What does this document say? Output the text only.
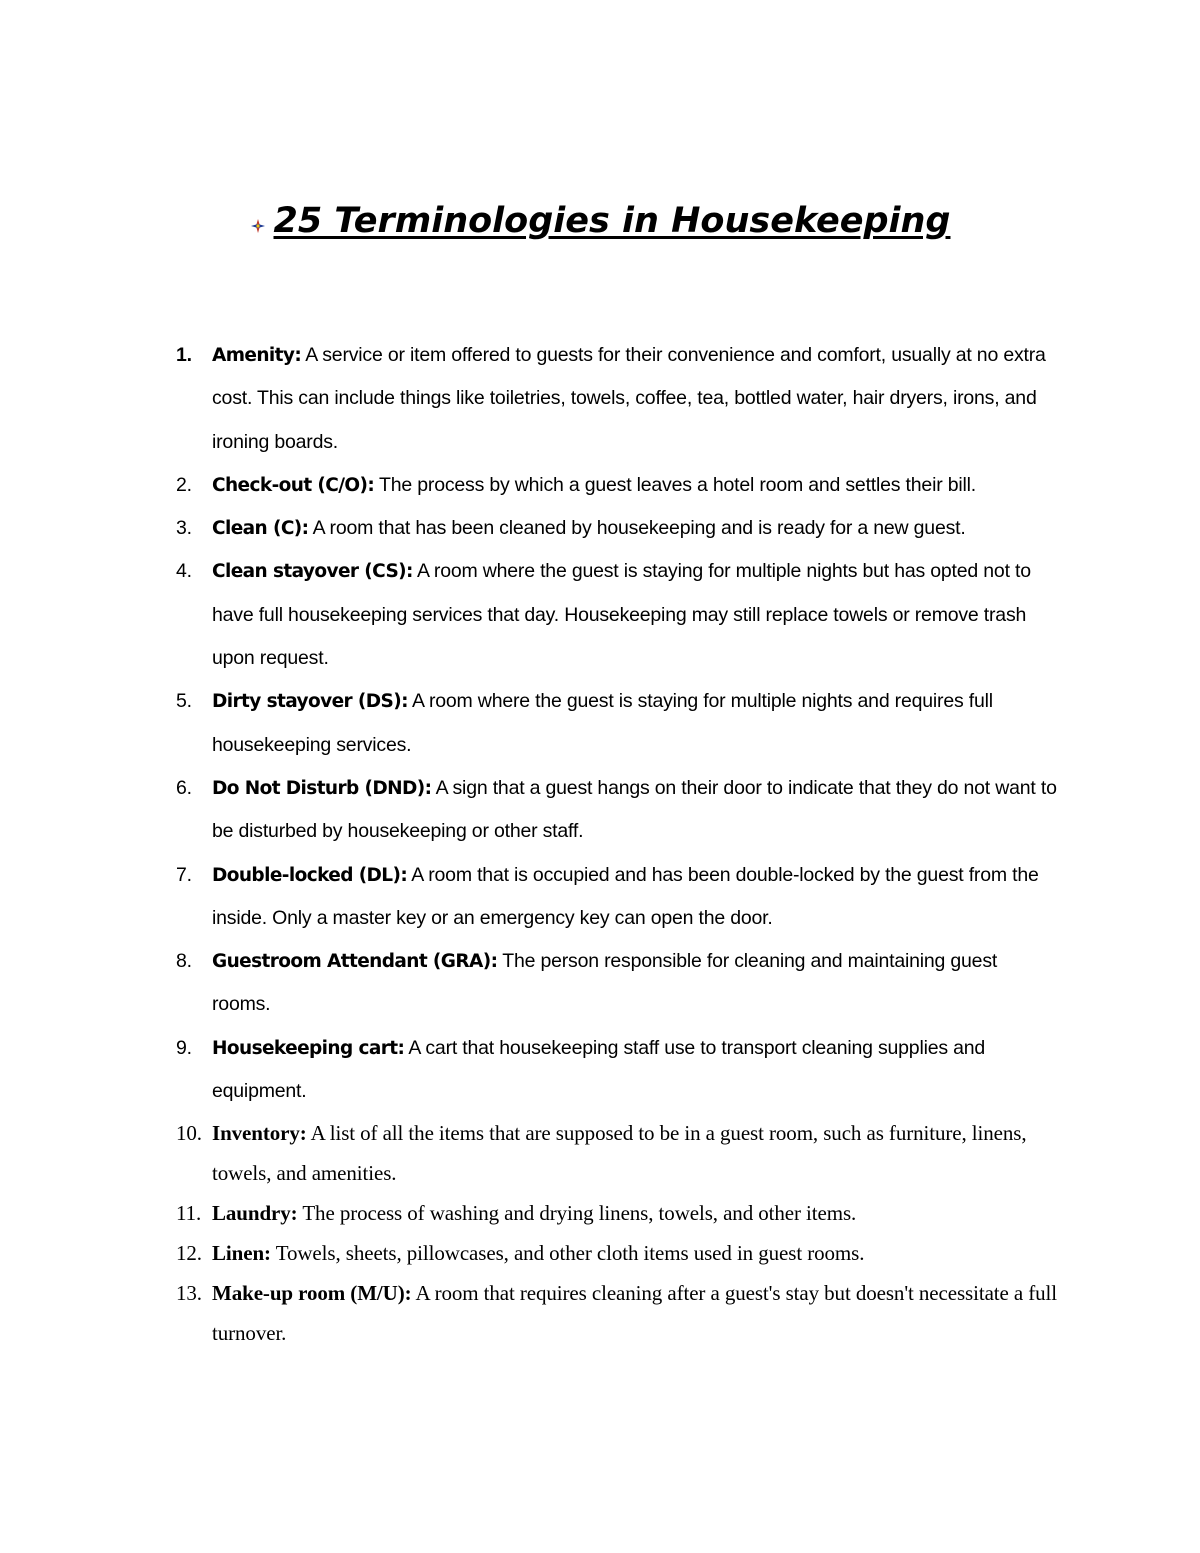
25 Terminologies in Housekeeping
1.	Amenity: A service or item offered to guests for their convenience and comfort, usually at no extra cost. This can include things like toiletries, towels, coffee, tea, bottled water, hair dryers, irons, and ironing boards.
2.	Check-out (C/O): The process by which a guest leaves a hotel room and settles their bill.
3.	Clean (C): A room that has been cleaned by housekeeping and is ready for a new guest.
4.	Clean stayover (CS): A room where the guest is staying for multiple nights but has opted not to have full housekeeping services that day. Housekeeping may still replace towels or remove trash upon request.
5.	Dirty stayover (DS): A room where the guest is staying for multiple nights and requires full housekeeping services.
6.	Do Not Disturb (DND): A sign that a guest hangs on their door to indicate that they do not want to be disturbed by housekeeping or other staff.
7.	Double-locked (DL): A room that is occupied and has been double-locked by the guest from the inside. Only a master key or an emergency key can open the door.
8.	Guestroom Attendant (GRA): The person responsible for cleaning and maintaining guest rooms.
9.	Housekeeping cart: A cart that housekeeping staff use to transport cleaning supplies and equipment.
10. Inventory: A list of all the items that are supposed to be in a guest room, such as furniture, linens, towels, and amenities.
11. Laundry: The process of washing and drying linens, towels, and other items.
12. Linen: Towels, sheets, pillowcases, and other cloth items used in guest rooms.
13. Make-up room (M/U): A room that requires cleaning after a guest's stay but doesn't necessitate a full turnover.
